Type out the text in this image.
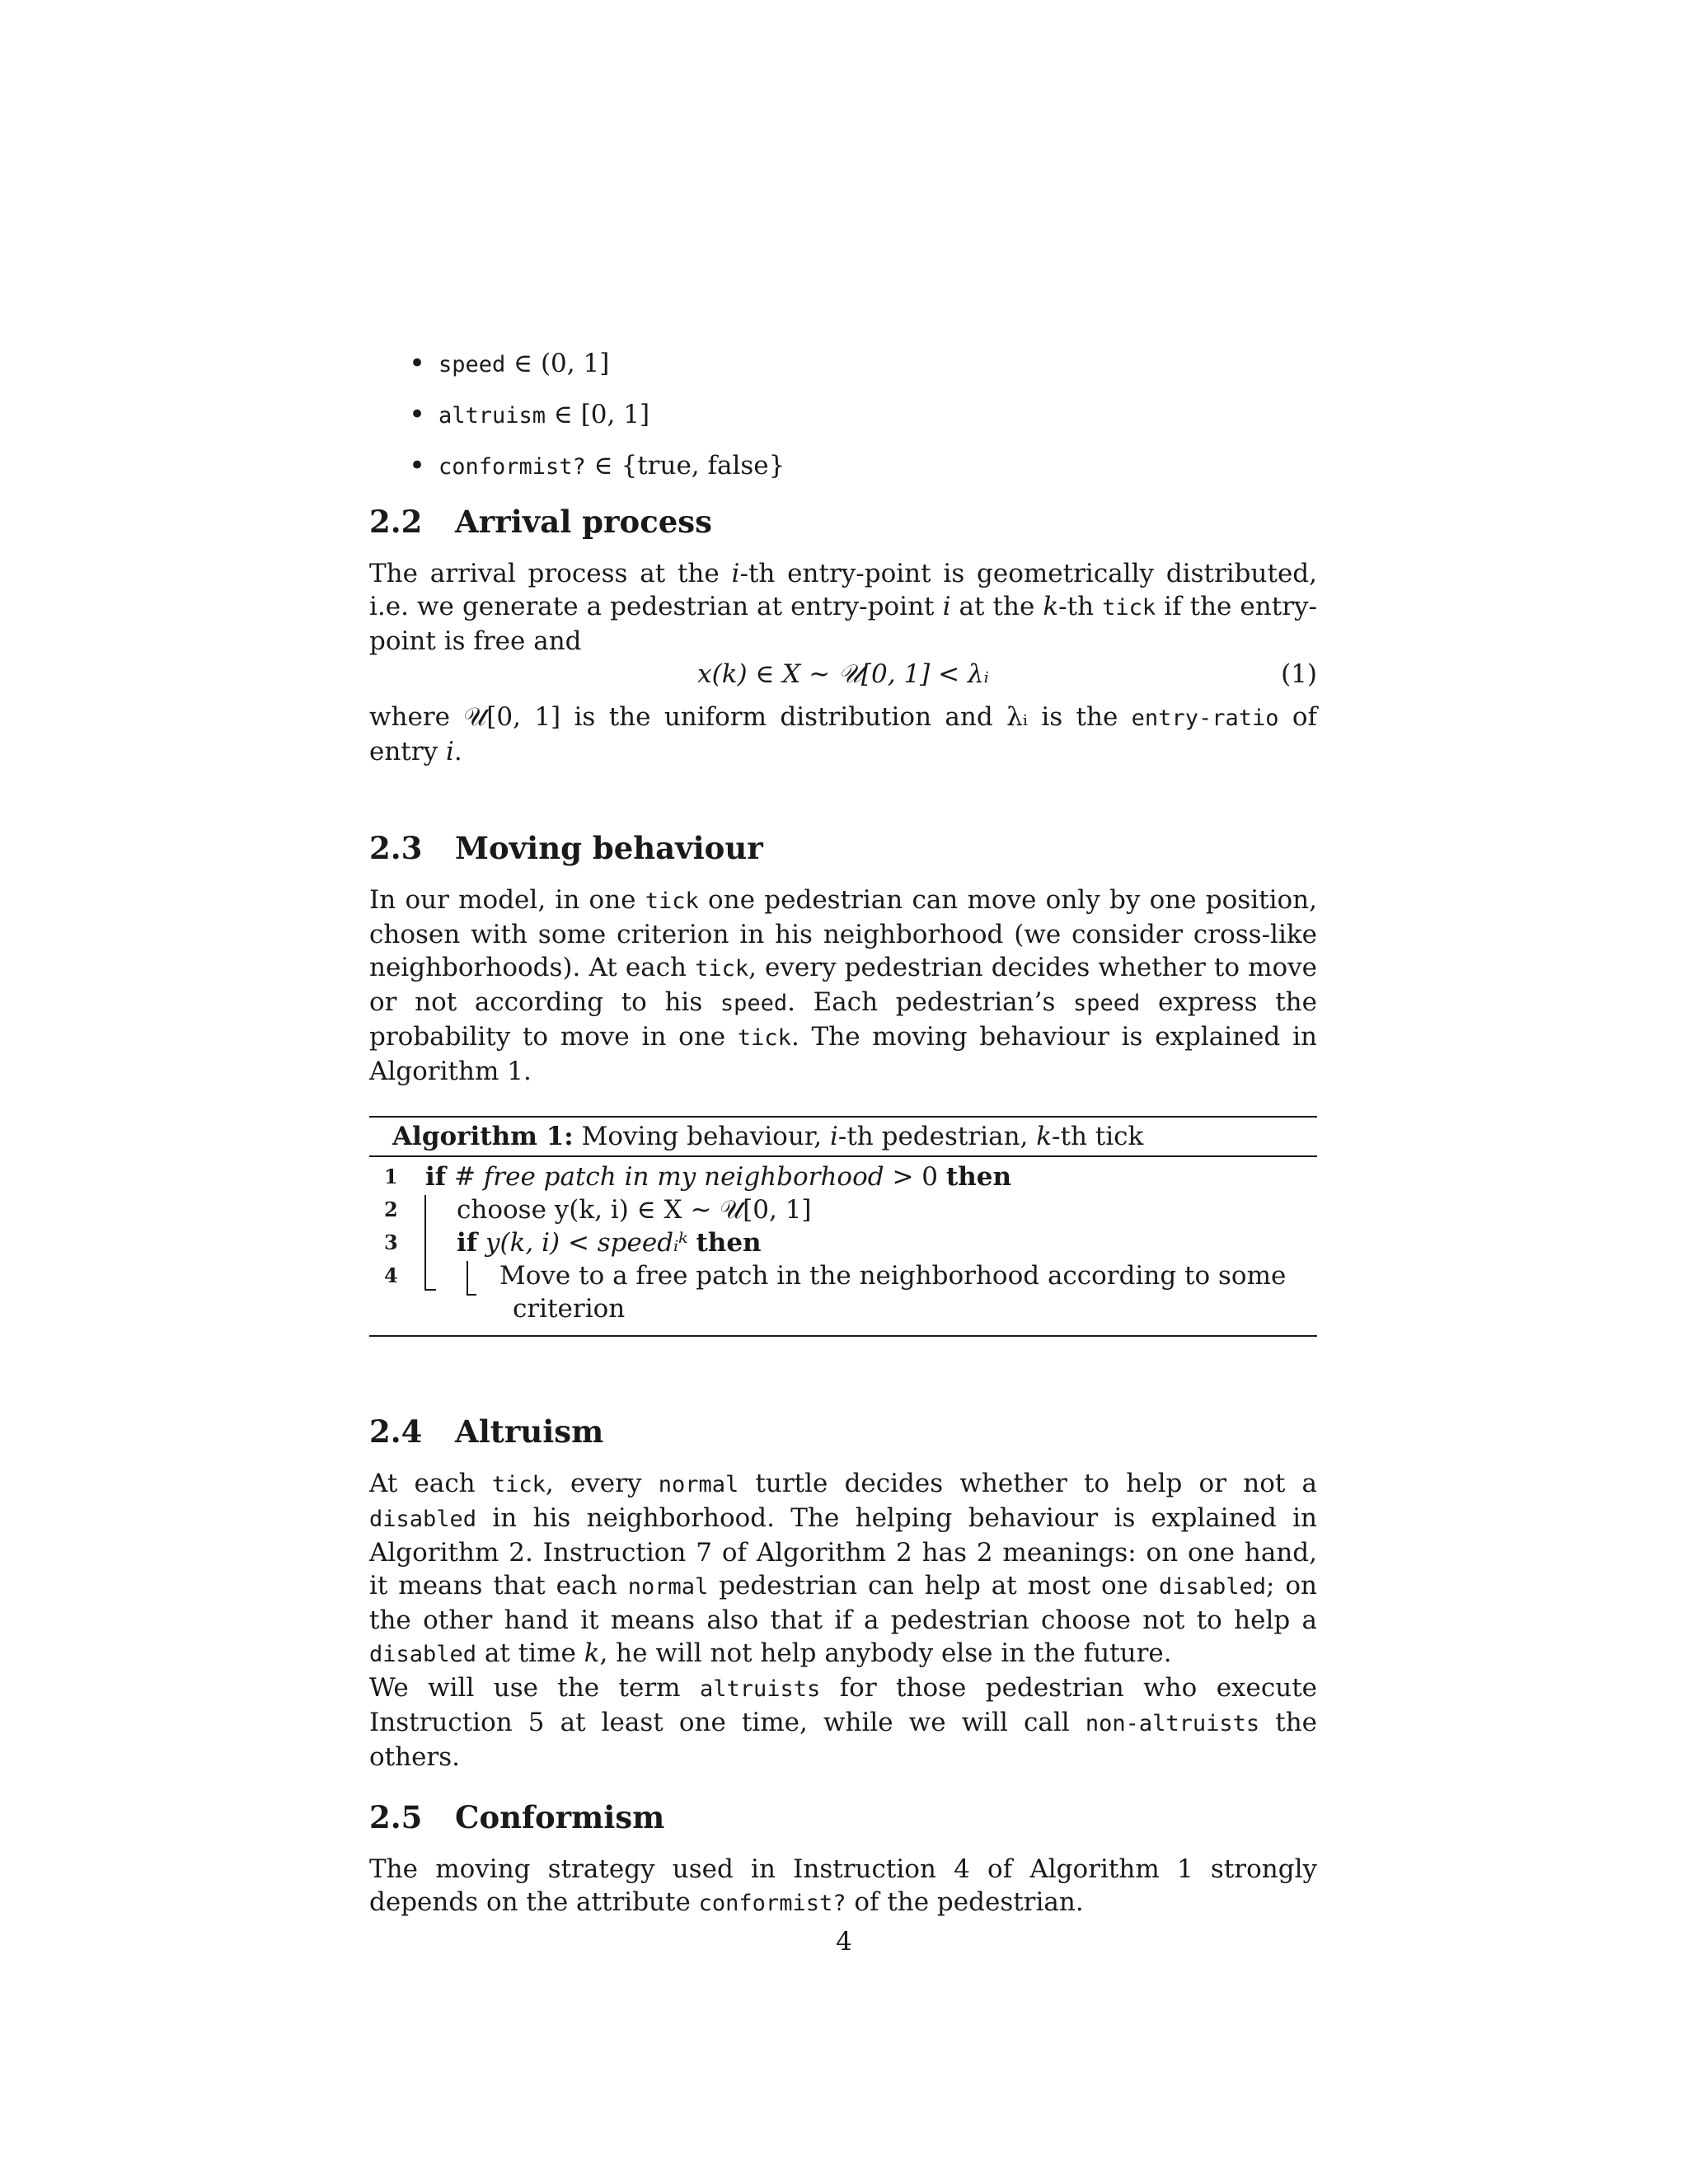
• speed ∈ (0, 1]
• altruism ∈ [0, 1]
• conformist? ∈ {true, false}
2.2	Arrival process

The arrival process at the i-th entry-point is geometrically distributed, i.e. we generate a pedestrian at entry-point i at the k-th tick if the entry-point is free and

x(k) ∈ X ~ 𝒰[0, 1] < λᵢ	(1)

where 𝒰[0, 1] is the uniform distribution and λᵢ is the entry-ratio of entry i.

2.3	Moving behaviour

In our model, in one tick one pedestrian can move only by one position, chosen with some criterion in his neighborhood (we consider cross-like neighborhoods). At each tick, every pedestrian decides whether to move or not according to his speed. Each pedestrian’s speed express the probability to move in one tick. The moving behaviour is explained in Algorithm 1.

Algorithm 1: Moving behaviour, i-th pedestrian, k-th tick
1	if # free patch in my neighborhood > 0 then
2	choose y(k, i) ∈ X ~ 𝒰[0, 1]
3	if y(k, i) < speedᵢᵏ then
4	Move to a free patch in the neighborhood according to some
criterion
2.4	Altruism

At each tick, every normal turtle decides whether to help or not a disabled in his neighborhood. The helping behaviour is explained in Algorithm 2. Instruction 7 of Algorithm 2 has 2 meanings: on one hand, it means that each normal pedestrian can help at most one disabled; on the other hand it means also that if a pedestrian choose not to help a disabled at time k, he will not help anybody else in the future.

We will use the term altruists for those pedestrian who execute Instruction 5 at least one time, while we will call non-altruists the others.

2.5	Conformism

The moving strategy used in Instruction 4 of Algorithm 1 strongly depends on the attribute conformist? of the pedestrian.

4
